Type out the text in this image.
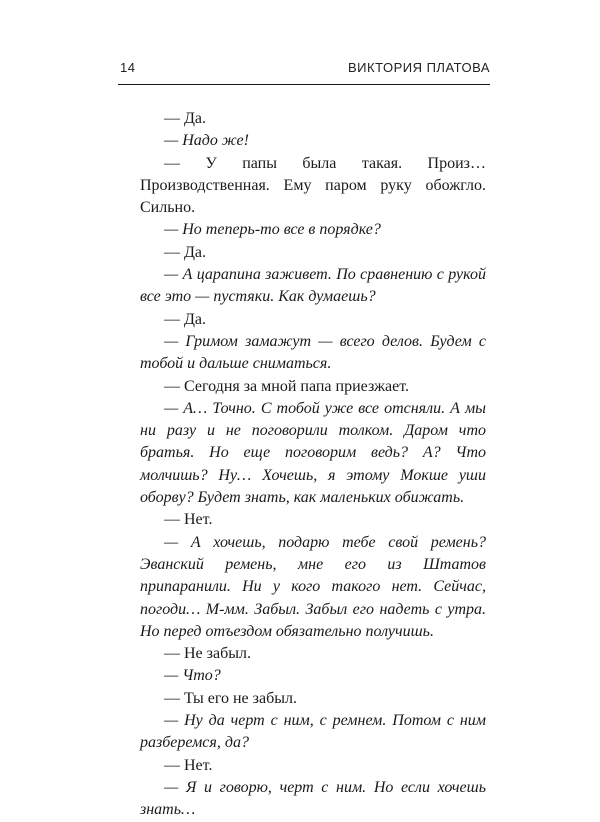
14	ВИКТОРИЯ ПЛАТОВА

— Да.

— Надо же!

— У папы была такая. Произ… Производственная. Ему паром руку обожгло. Сильно.

— Но теперь-то все в порядке?

— Да.

— А царапина заживет. По сравнению с рукой все это — пустяки. Как думаешь?

— Да.

— Гримом замажут — всего делов. Будем с тобой и дальше сниматься.

— Сегодня за мной папа приезжает.

— А… Точно. С тобой уже все отсняли. А мы ни разу и не поговорили толком. Даром что братья. Но еще поговорим ведь? А? Что молчишь? Ну… Хочешь, я этому Мокше уши оборву? Будет знать, как маленьких обижать.

— Нет.

— А хочешь, подарю тебе свой ремень? Эванский ремень, мне его из Штатов припаранили. Ни у кого такого нет. Сейчас, погоди… М-мм. Забыл. Забыл его надеть с утра. Но перед отъездом обязательно получишь.

— Не забыл.

— Что?

— Ты его не забыл.

— Ну да черт с ним, с ремнем. Потом с ним разберемся, да?

— Нет.

— Я и говорю, черт с ним. Но если хочешь знать…
